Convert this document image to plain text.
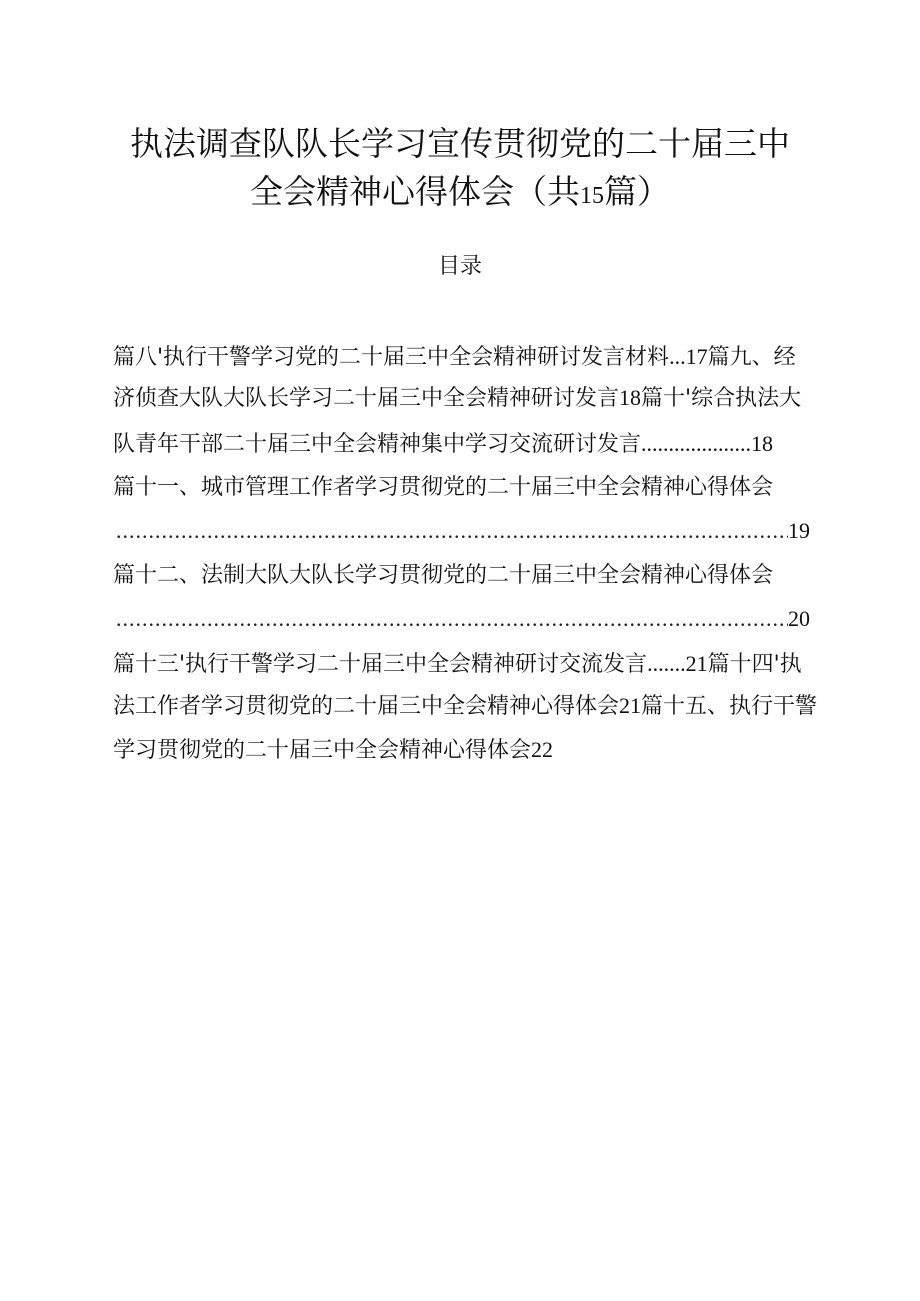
执法调查队队长学习宣传贯彻党的二十届三中
全会精神心得体会（共15篇）
目录
篇八'执行干警学习党的二十届三中全会精神研讨发言材料...17篇九、经
济侦查大队大队长学习二十届三中全会精神研讨发言18篇十'综合执法大
队青年干部二十届三中全会精神集中学习交流研讨发言....................18
篇十一、城市管理工作者学习贯彻党的二十届三中全会精神心得体会
.....
19
篇十二、法制大队大队长学习贯彻党的二十届三中全会精神心得体会
.....
20
篇十三'执行干警学习二十届三中全会精神研讨交流发言.......21篇十四'执
法工作者学习贯彻党的二十届三中全会精神心得体会21篇十五、执行干警
学习贯彻党的二十届三中全会精神心得体会22
